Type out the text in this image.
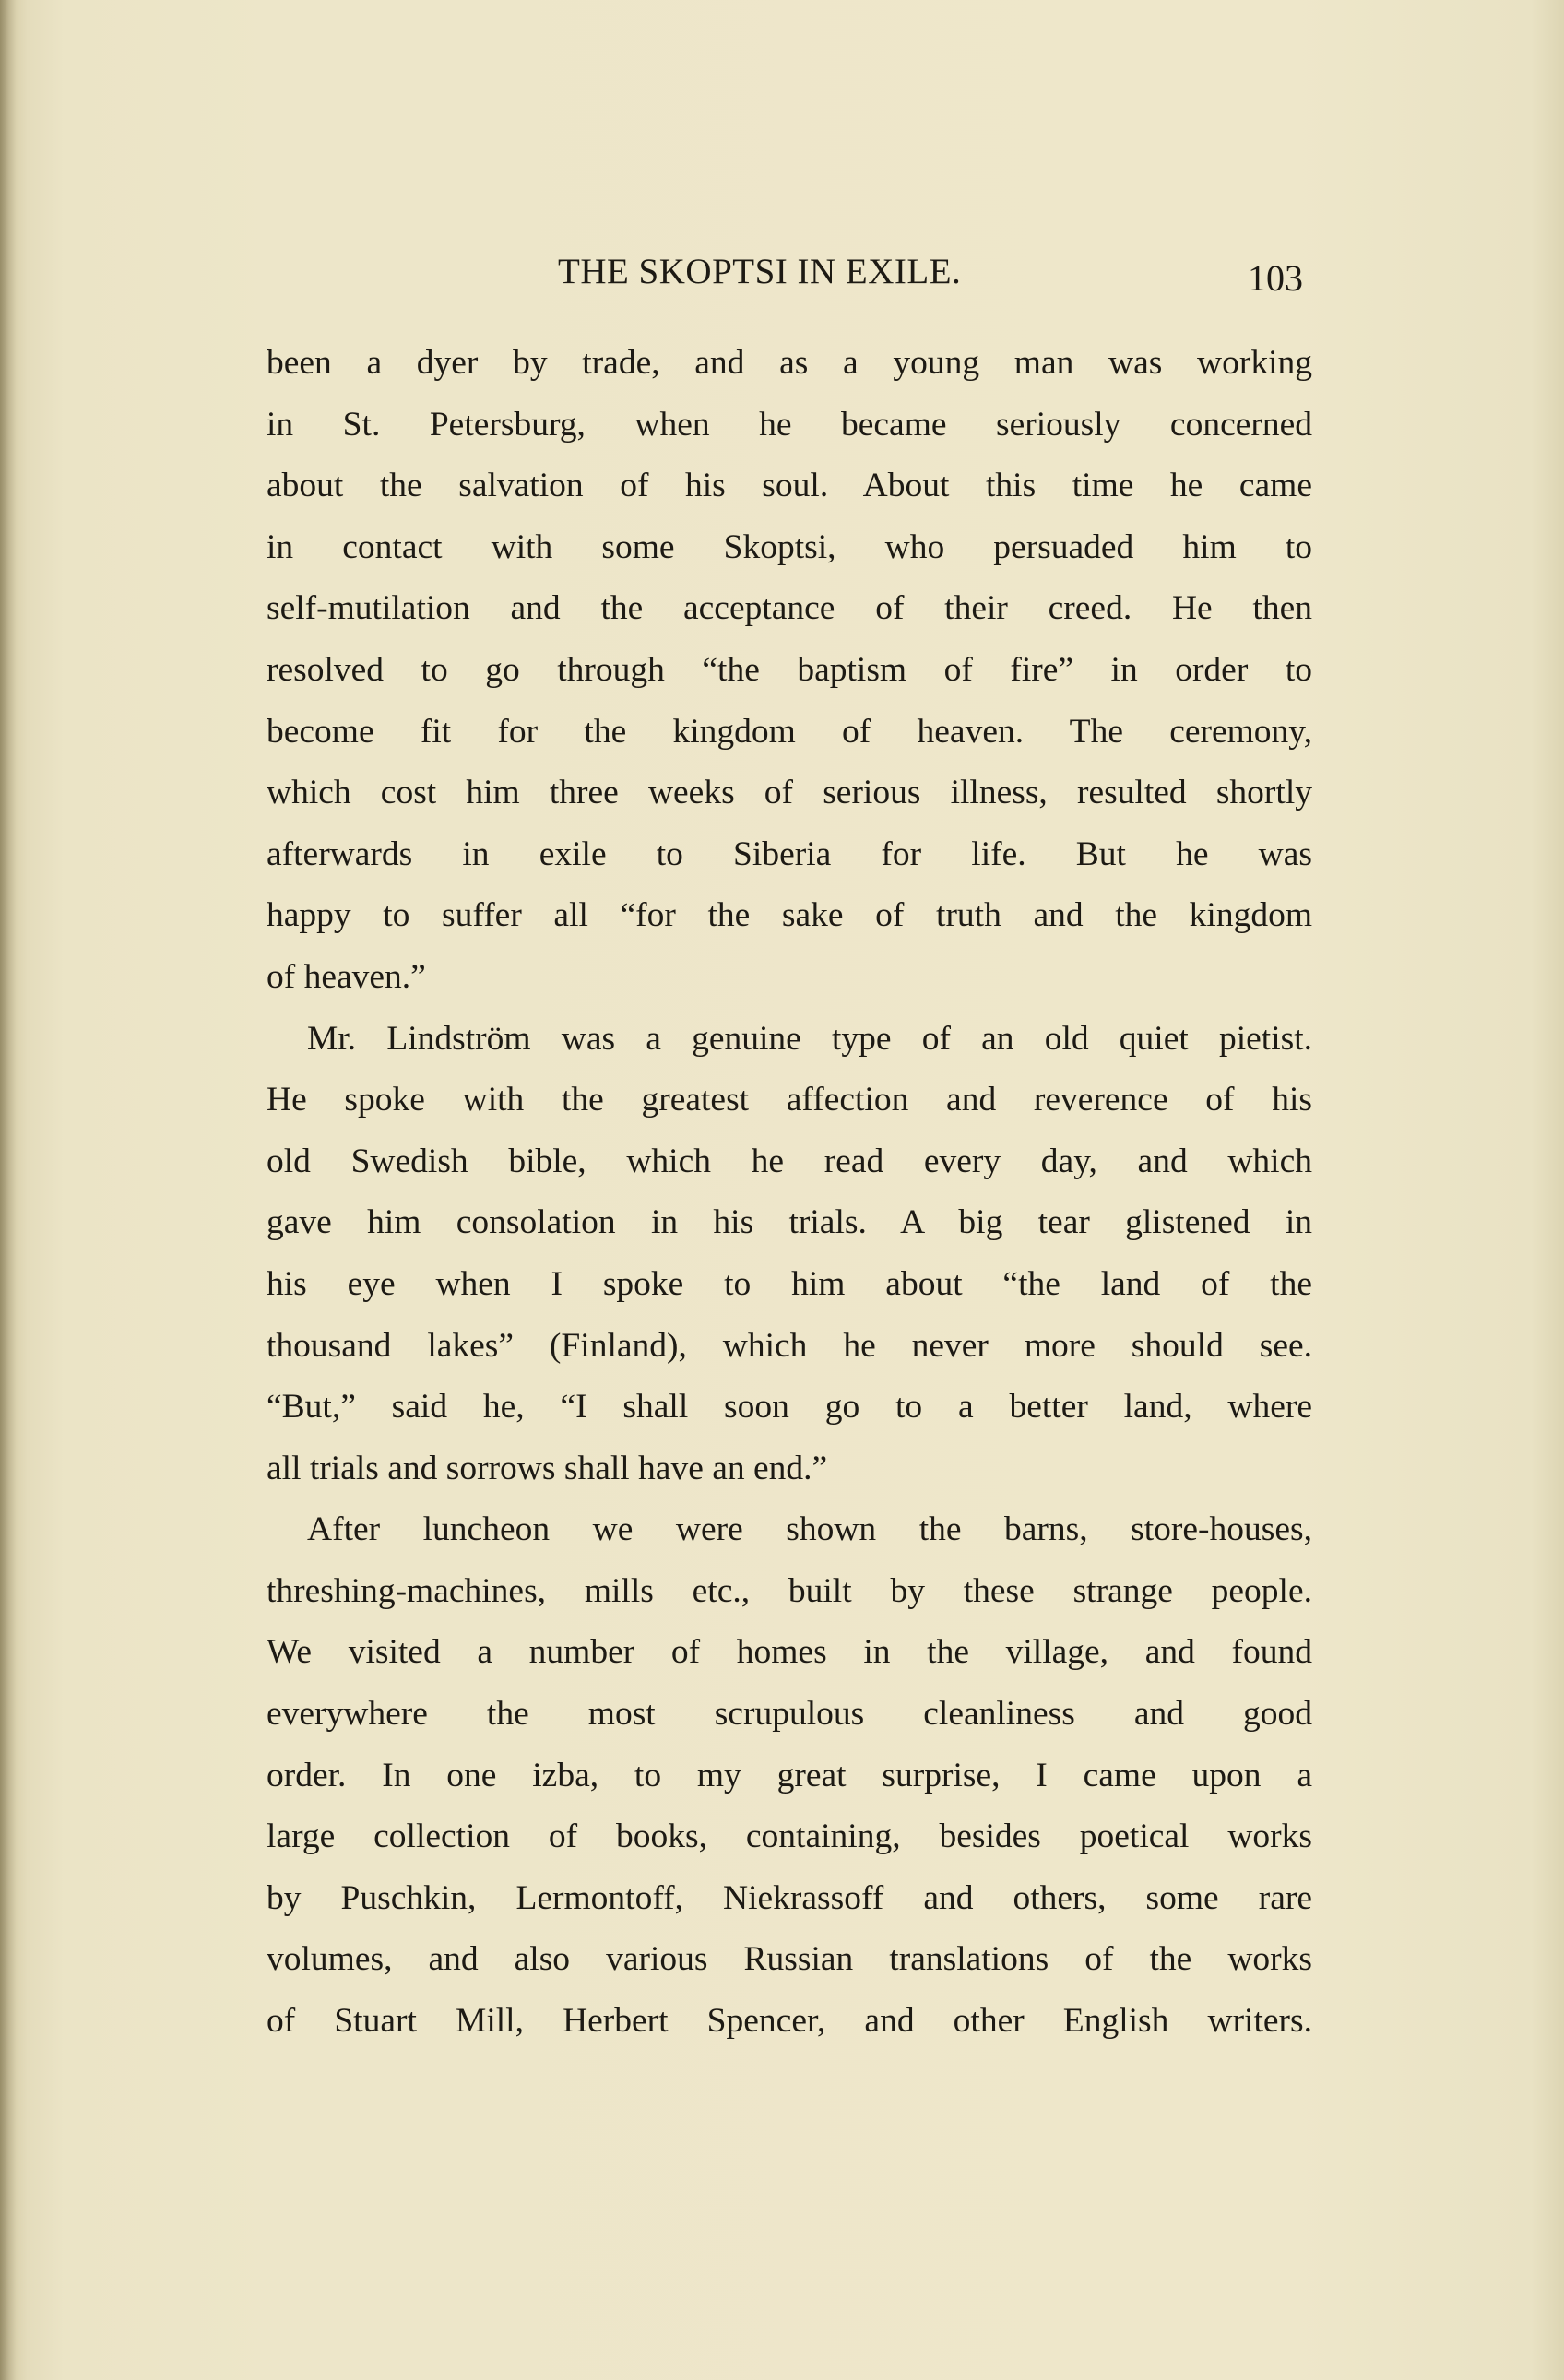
THE SKOPTSI IN EXILE.	103
been a dyer by trade, and as a young man was working
in St. Petersburg, when he became seriously concerned
about the salvation of his soul. About this time he came
in contact with some Skoptsi, who persuaded him to
self-mutilation and the acceptance of their creed. He then
resolved to go through “the baptism of fire” in order to
become fit for the kingdom of heaven. The ceremony,
which cost him three weeks of serious illness, resulted shortly
afterwards in exile to Siberia for life. But he was
happy to suffer all “for the sake of truth and the kingdom
of heaven.”
Mr. Lindström was a genuine type of an old quiet pietist.
He spoke with the greatest affection and reverence of his
old Swedish bible, which he read every day, and which
gave him consolation in his trials. A big tear glistened in
his eye when I spoke to him about “the land of the
thousand lakes” (Finland), which he never more should see.
“But,” said he, “I shall soon go to a better land, where
all trials and sorrows shall have an end.”
After luncheon we were shown the barns, store-houses,
threshing-machines, mills etc., built by these strange people.
We visited a number of homes in the village, and found
everywhere the most scrupulous cleanliness and good
order. In one izba, to my great surprise, I came upon a
large collection of books, containing, besides poetical works
by Puschkin, Lermontoff, Niekrassoff and others, some rare
volumes, and also various Russian translations of the works
of Stuart Mill, Herbert Spencer, and other English writers.
